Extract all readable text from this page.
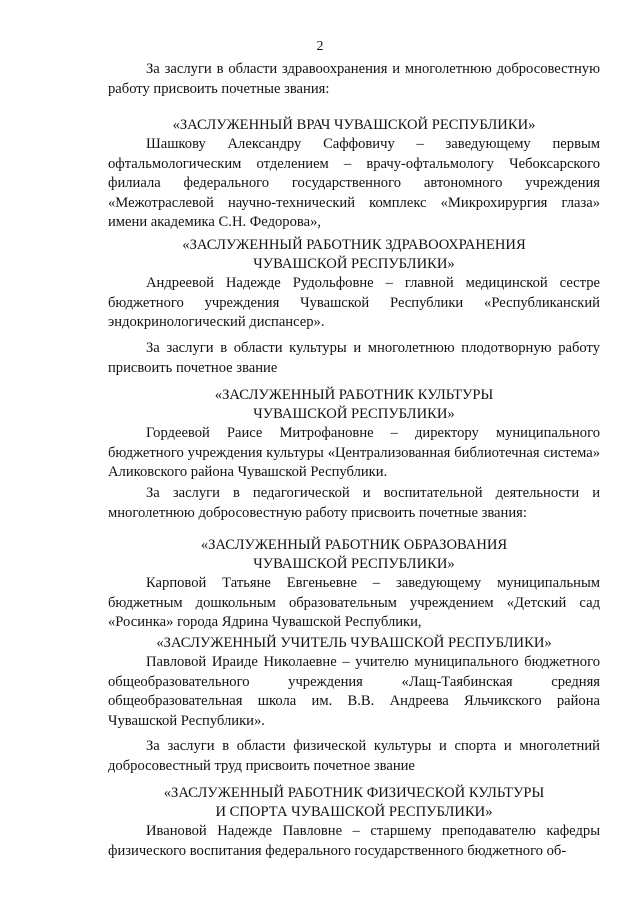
2

За заслуги в области здравоохранения и многолетнюю добросовестную работу присвоить почетные звания:

«ЗАСЛУЖЕННЫЙ ВРАЧ ЧУВАШСКОЙ РЕСПУБЛИКИ»

Шашкову Александру Саффовичу – заведующему первым офтальмологическим отделением – врачу-офтальмологу Чебоксарского филиала федерального государственного автономного учреждения «Межотраслевой научно-технический комплекс «Микрохирургия глаза» имени академика С.Н. Федорова»,

«ЗАСЛУЖЕННЫЙ РАБОТНИК ЗДРАВООХРАНЕНИЯ
ЧУВАШСКОЙ РЕСПУБЛИКИ»

Андреевой Надежде Рудольфовне – главной медицинской сестре бюджетного учреждения Чувашской Республики «Республиканский эндокринологический диспансер».

За заслуги в области культуры и многолетнюю плодотворную работу присвоить почетное звание

«ЗАСЛУЖЕННЫЙ РАБОТНИК КУЛЬТУРЫ
ЧУВАШСКОЙ РЕСПУБЛИКИ»

Гордеевой Раисе Митрофановне – директору муниципального бюджетного учреждения культуры «Централизованная библиотечная система» Аликовского района Чувашской Республики.

За заслуги в педагогической и воспитательной деятельности и многолетнюю добросовестную работу присвоить почетные звания:

«ЗАСЛУЖЕННЫЙ РАБОТНИК ОБРАЗОВАНИЯ
ЧУВАШСКОЙ РЕСПУБЛИКИ»

Карповой Татьяне Евгеньевне – заведующему муниципальным бюджетным дошкольным образовательным учреждением «Детский сад «Росинка» города Ядрина Чувашской Республики,

«ЗАСЛУЖЕННЫЙ УЧИТЕЛЬ ЧУВАШСКОЙ РЕСПУБЛИКИ»

Павловой Ираиде Николаевне – учителю муниципального бюджетного общеобразовательного учреждения «Лащ-Таябинская средняя общеобразовательная школа им. В.В. Андреева Яльчикского района Чувашской Республики».

За заслуги в области физической культуры и спорта и многолетний добросовестный труд присвоить почетное звание

«ЗАСЛУЖЕННЫЙ РАБОТНИК ФИЗИЧЕСКОЙ КУЛЬТУРЫ
И СПОРТА ЧУВАШСКОЙ РЕСПУБЛИКИ»

Ивановой Надежде Павловне – старшему преподавателю кафедры физического воспитания федерального государственного бюджетного об-
